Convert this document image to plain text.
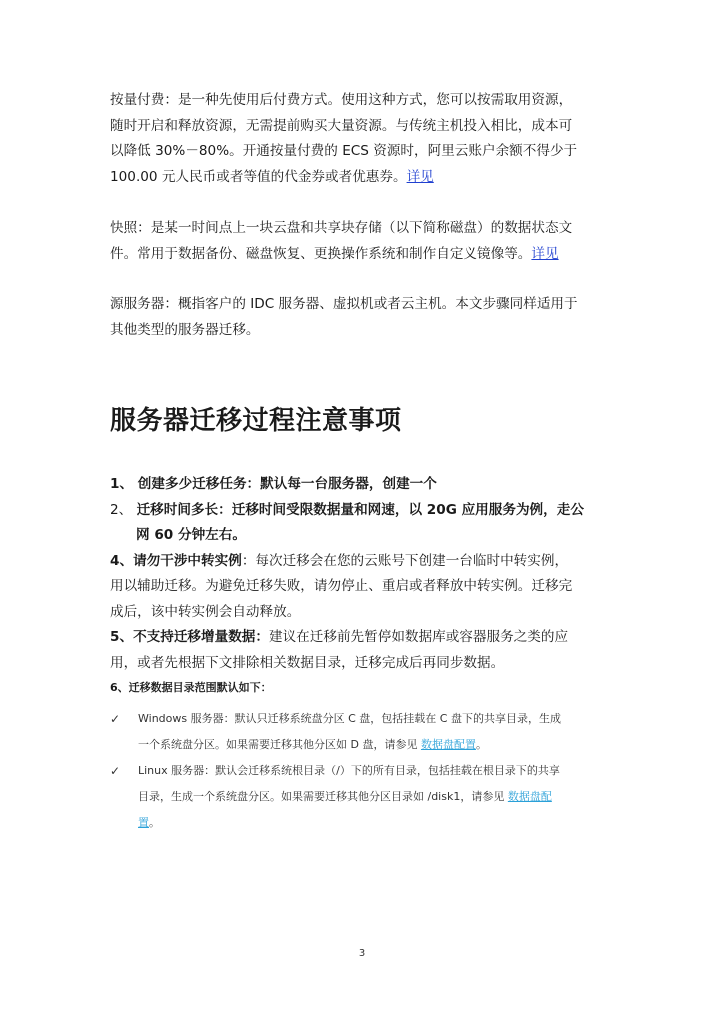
按量付费：是一种先使用后付费方式。使用这种方式，您可以按需取用资源，
随时开启和释放资源，无需提前购买大量资源。与传统主机投入相比，成本可
以降低 30%－80%。开通按量付费的 ECS 资源时，阿里云账户余额不得少于
100.00 元人民币或者等值的代金券或者优惠券。详见

快照：是某一时间点上一块云盘和共享块存储（以下简称磁盘）的数据状态文
件。常用于数据备份、磁盘恢复、更换操作系统和制作自定义镜像等。详见

源服务器：概指客户的 IDC 服务器、虚拟机或者云主机。本文步骤同样适用于
其他类型的服务器迁移。

服务器迁移过程注意事项
1、 创建多少迁移任务：默认每一台服务器，创建一个
2、 迁移时间多长：迁移时间受限数据量和网速，以 20G 应用服务为例，走公
网 60 分钟左右。
4、请勿干涉中转实例：每次迁移会在您的云账号下创建一台临时中转实例，
用以辅助迁移。为避免迁移失败，请勿停止、重启或者释放中转实例。迁移完
成后，该中转实例会自动释放。
5、不支持迁移增量数据：建议在迁移前先暂停如数据库或容器服务之类的应
用，或者先根据下文排除相关数据目录，迁移完成后再同步数据。
6、迁移数据目录范围默认如下：
✓ Windows 服务器：默认只迁移系统盘分区 C 盘，包括挂载在 C 盘下的共享目录，生成
一个系统盘分区。如果需要迁移其他分区如 D 盘，请参见 数据盘配置。
✓ Linux 服务器：默认会迁移系统根目录（/）下的所有目录，包括挂载在根目录下的共享
目录，生成一个系统盘分区。如果需要迁移其他分区目录如 /disk1，请参见 数据盘配
置。
3
